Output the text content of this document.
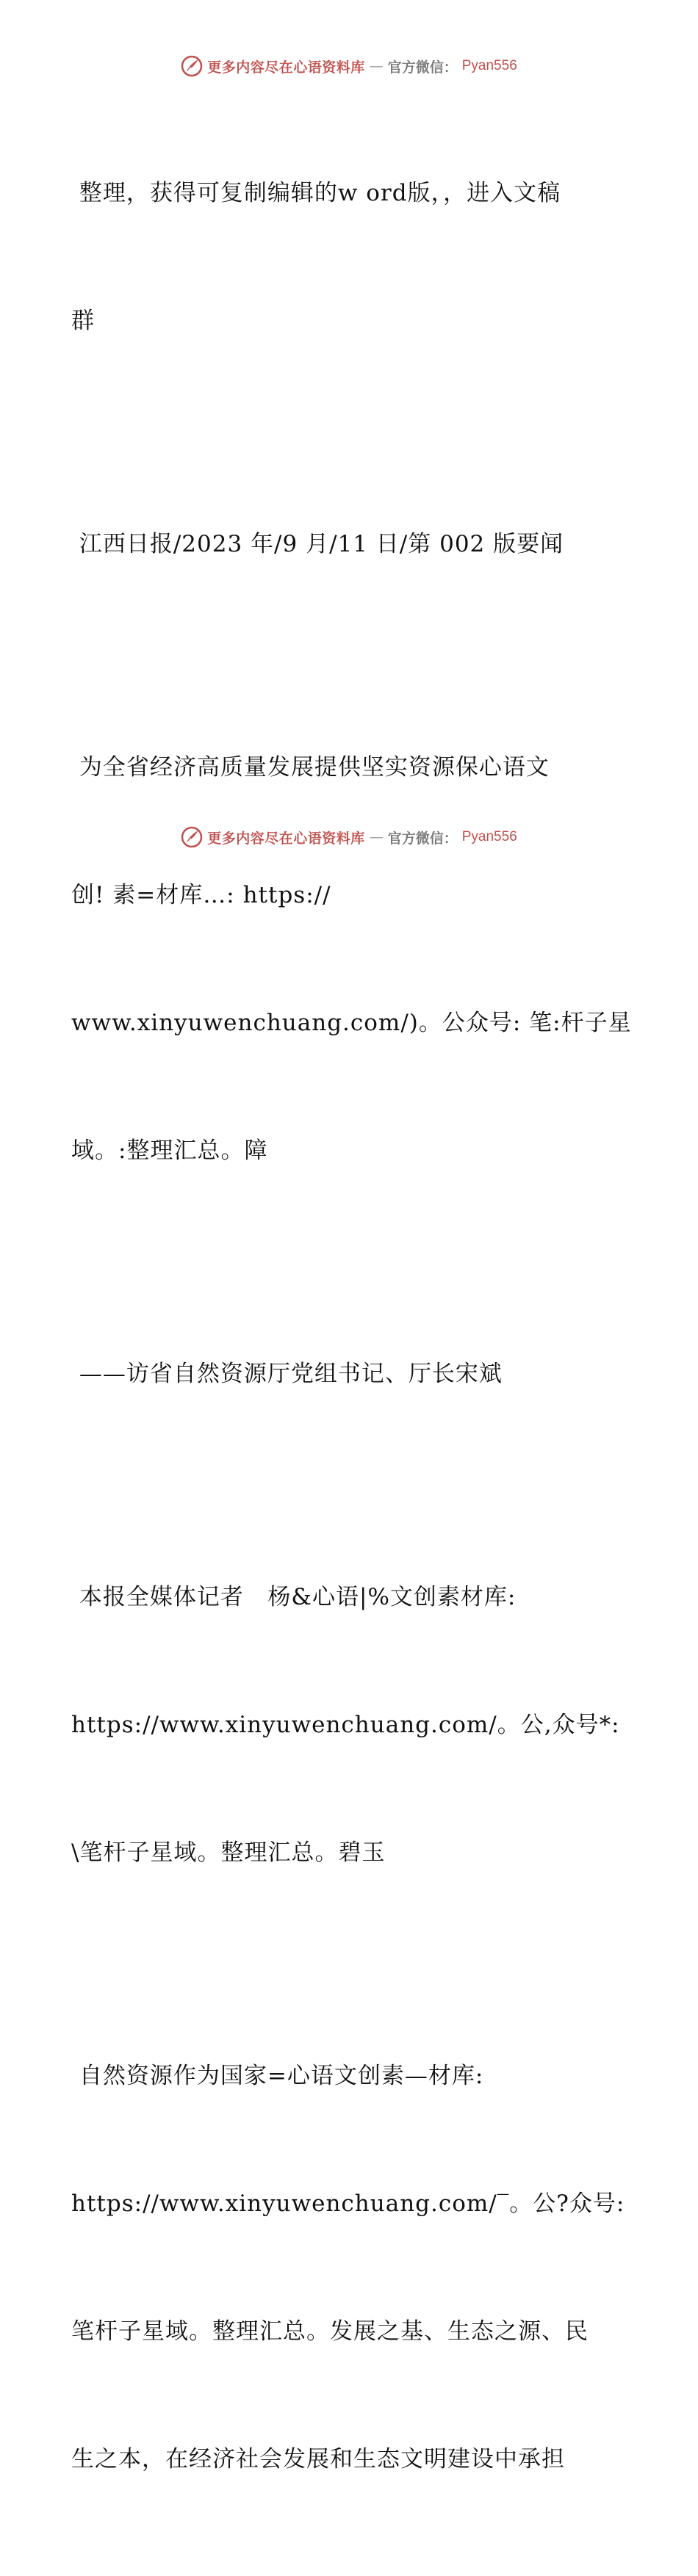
更多内容尽在心语资料库 — 官方微信： Pyan556

整理，获得可复制编辑的w ord版，，进入文稿

群

江西日报/2023 年/9 月/11 日/第 002 版要闻

为全省经济高质量发展提供坚实资源保心语文

创! 素=材库…: https://

www.xinyuwenchuang.com/)。公众号: 笔:杆子星

域。:整理汇总。障

——访省自然资源厅党组书记、厅长宋斌

本报全媒体记者   杨&心语|%文创素材库:

https://www.xinyuwenchuang.com/。公,众号*:

\笔杆子星域。整理汇总。碧玉

自然资源作为国家=心语文创素—材库:

https://www.xinyuwenchuang.com/‾。公?众号:

笔杆子星域。整理汇总。发展之基、生态之源、民

生之本，在经济社会发展和生态文明建设中承担

更多内容尽在心语资料库 — 官方微信： Pyan556
